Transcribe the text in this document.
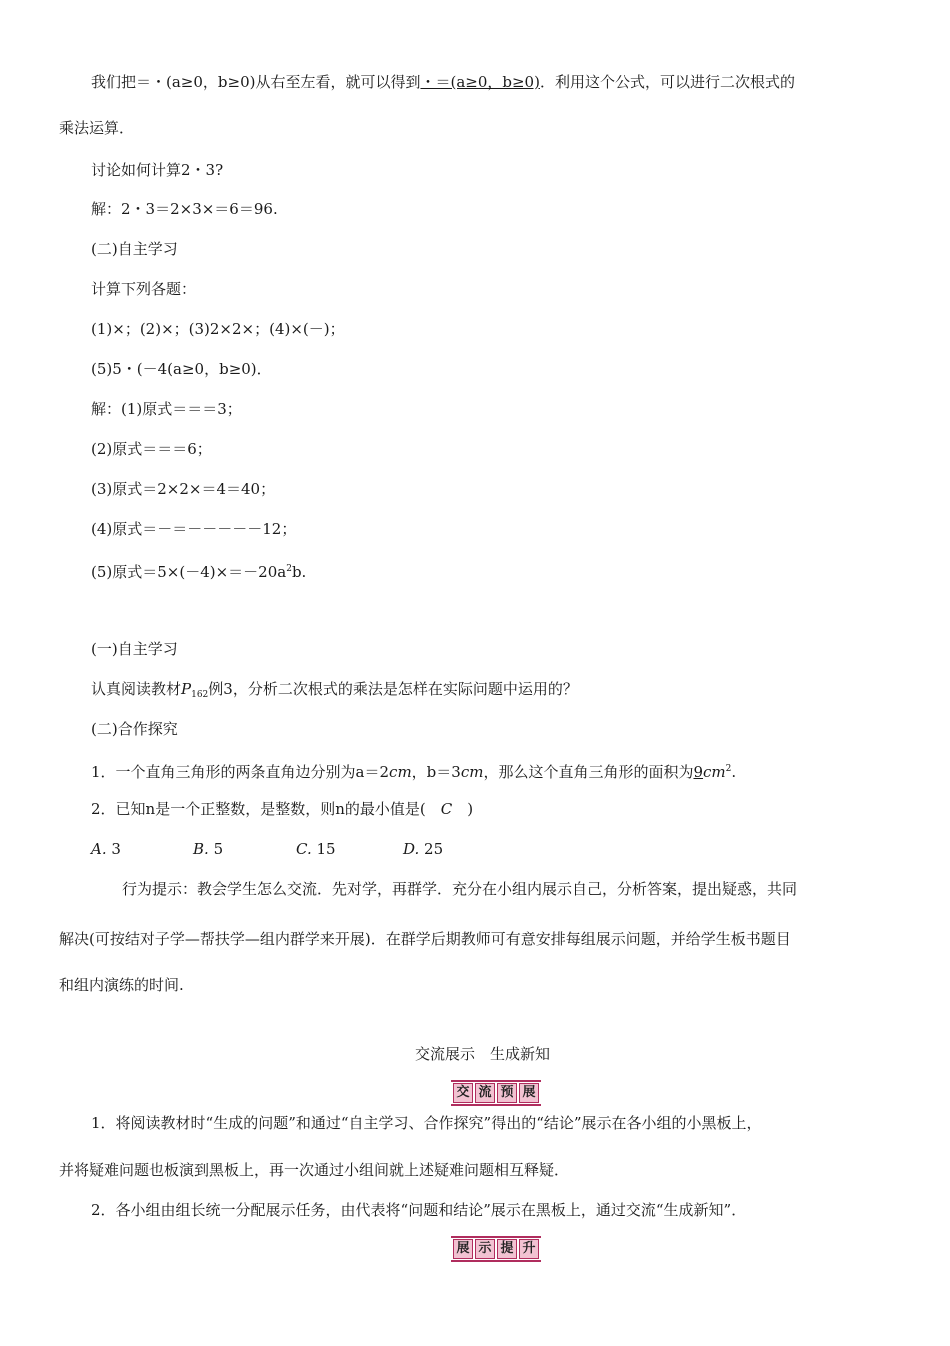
我们把＝・(a≥0，b≥0)从右至左看，就可以得到・＝(a≥0，b≥0)．利用这个公式，可以进行二次根式的
乘法运算．
讨论如何计算2・3?
解：2・3＝2×3×＝6＝96.
(二)自主学习
计算下列各题：
(1)×；(2)×；(3)2×2×；(4)×(－)；
(5)5・(－4(a≥0，b≥0)．
解：(1)原式＝＝＝3；
(2)原式＝＝＝6；
(3)原式＝2×2×＝4＝40；
(4)原式＝－＝－－－－－12；
(5)原式$=5\times(-4)\times=-20a^2b$.
(一)自主学习
认真阅读教材$P_{162}$例3，分析二次根式的乘法是怎样在实际问题中运用的？
(二)合作探究
1．一个直角三角形的两条直角边分别为a＝2cm，b＝3cm，那么这个直角三角形的面积为$9cm^2$.
2．已知n是一个正整数，是整数，则n的最小值是(　C　)
A. 3	B. 5	C. 15	D. 25
行为提示：教会学生怎么交流．先对学，再群学．充分在小组内展示自己，分析答案，提出疑惑，共同
解决(可按结对子学—帮扶学—组内群学来开展)．在群学后期教师可有意安排每组展示问题，并给学生板书题目
和组内演练的时间.
交流展示　生成新知
交 流 预 展
1．将阅读教材时“生成的问题”和通过“自主学习、合作探究”得出的“结论”展示在各小组的小黑板上，
并将疑难问题也板演到黑板上，再一次通过小组间就上述疑难问题相互释疑．
2．各小组由组长统一分配展示任务，由代表将“问题和结论”展示在黑板上，通过交流“生成新知”．
展 示 提 升
